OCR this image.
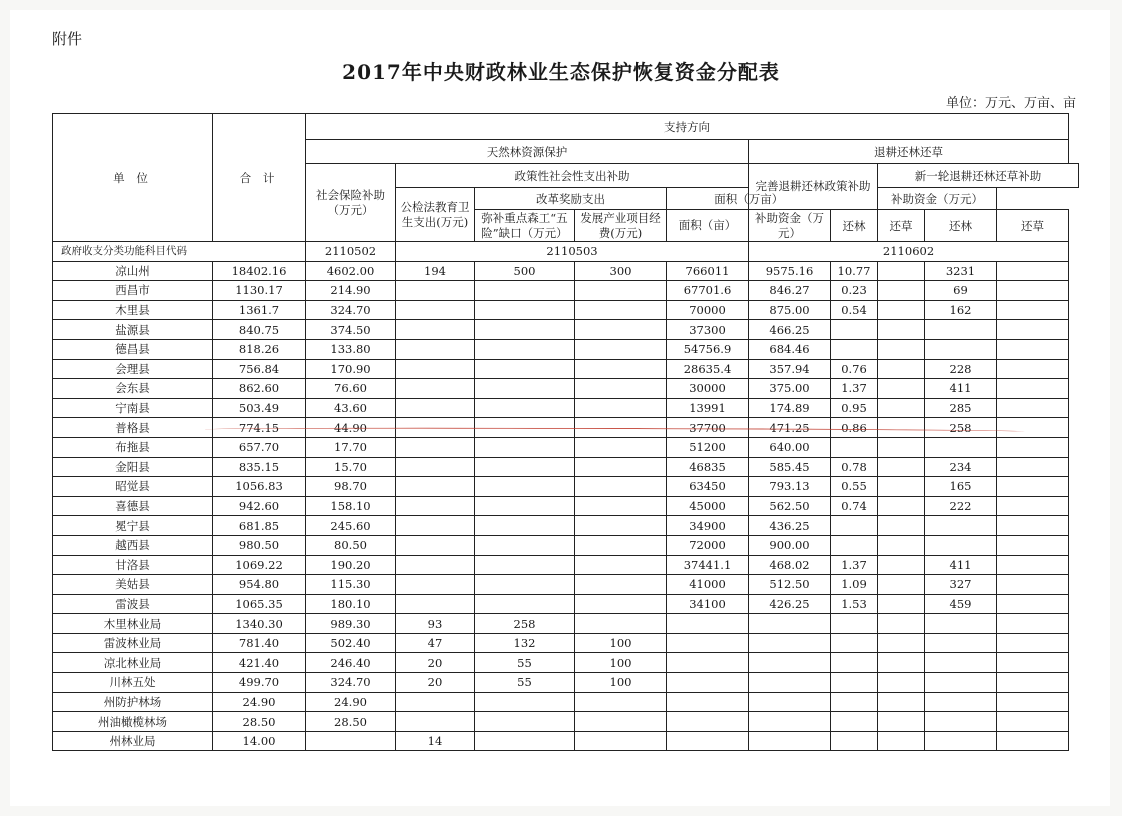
附件
2017年中央财政林业生态保护恢复资金分配表
单位：万元、万亩、亩
单 位	合 计	支持方向									
		天然林资源保护					退耕还林还草				
		社会保险补助（万元）	政策性社会性支出补助				完善退耕还林政策补助		新一轮退耕还林还草补助		
			公检法教育卫生支出(万元)	改革奖励支出		面积（万亩）			补助资金（万元）		
				弥补重点森工“五险”缺口（万元）	发展产业项目经费(万元)	面积（亩）	补助资金（万元）	还林	还草	还林	还草
政府收支分类功能科目代码		2110502	2110503				2110602				
凉山州	18402.16	4602.00	194	500	300	766011	9575.16	10.77		3231	
西昌市	1130.17	214.90				67701.6	846.27	0.23		69	
木里县	1361.7	324.70				70000	875.00	0.54		162	
盐源县	840.75	374.50				37300	466.25				
德昌县	818.26	133.80				54756.9	684.46				
会理县	756.84	170.90				28635.4	357.94	0.76		228	
会东县	862.60	76.60				30000	375.00	1.37		411	
宁南县	503.49	43.60				13991	174.89	0.95		285	
普格县	774.15	44.90				37700	471.25	0.86		258	
布拖县	657.70	17.70				51200	640.00				
金阳县	835.15	15.70				46835	585.45	0.78		234	
昭觉县	1056.83	98.70				63450	793.13	0.55		165	
喜德县	942.60	158.10				45000	562.50	0.74		222	
冕宁县	681.85	245.60				34900	436.25				
越西县	980.50	80.50				72000	900.00				
甘洛县	1069.22	190.20				37441.1	468.02	1.37		411	
美姑县	954.80	115.30				41000	512.50	1.09		327	
雷波县	1065.35	180.10				34100	426.25	1.53		459	
木里林业局	1340.30	989.30	93	258							
雷波林业局	781.40	502.40	47	132	100						
凉北林业局	421.40	246.40	20	55	100						
川林五处	499.70	324.70	20	55	100						
州防护林场	24.90	24.90									
州油橄榄林场	28.50	28.50									
州林业局	14.00		14								
